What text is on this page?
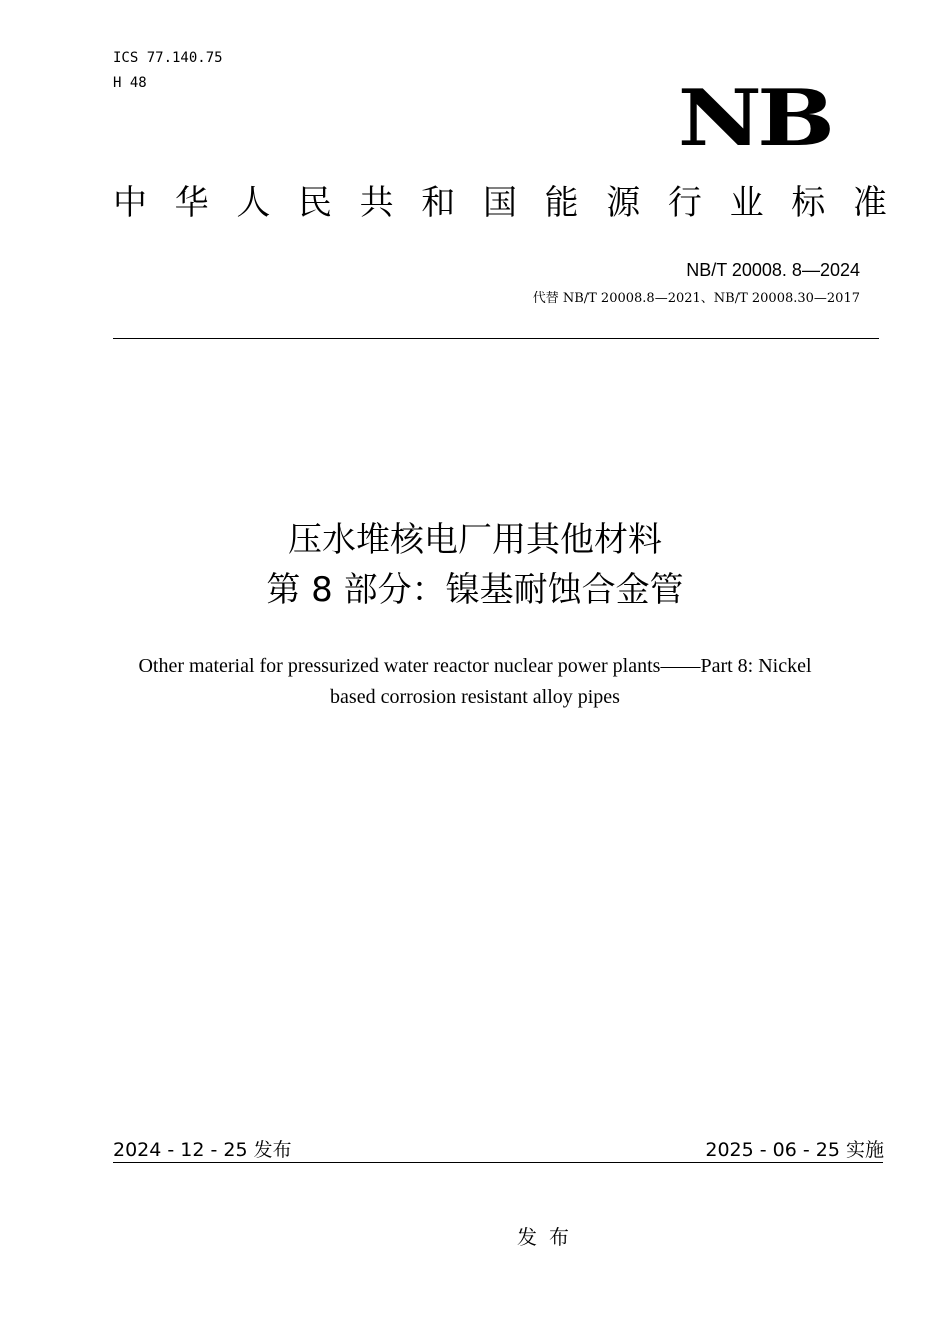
ICS 77.140.75
H 48	NB
中 华 人 民 共 和 国 能 源 行 业 标 准
NB/T 20008. 8—2024
代替 NB/T 20008.8—2021、NB/T 20008.30—2017
压水堆核电厂用其他材料
第 8 部分：镍基耐蚀合金管
Other material for pressurized water reactor nuclear power plants——Part 8: Nickel
based corrosion resistant alloy pipes
2024 - 12 - 25 发布	2025 - 06 - 25 实施
发布
